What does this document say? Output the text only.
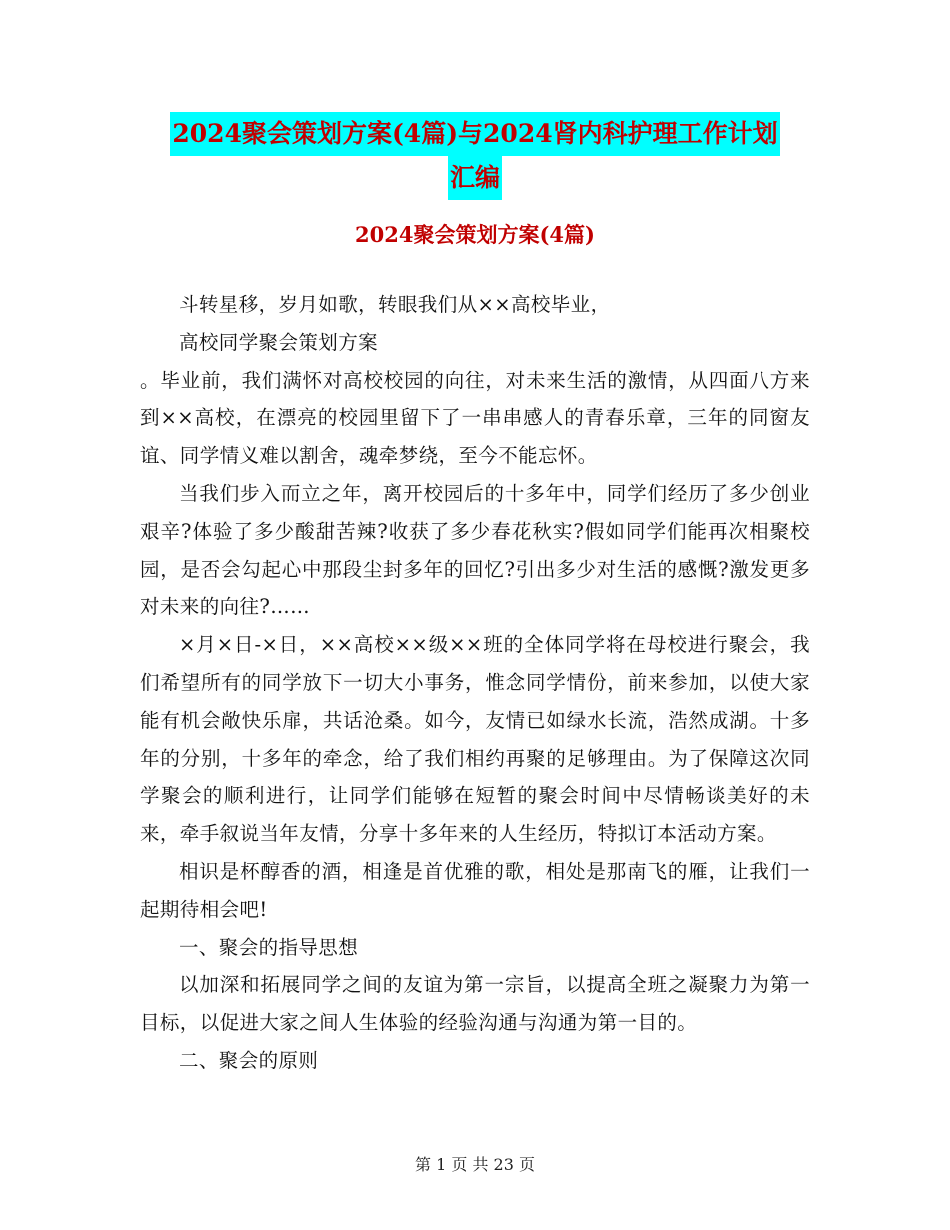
2024聚会策划方案(4篇)与2024肾内科护理工作计划
汇编
2024聚会策划方案(4篇)

斗转星移，岁月如歌，转眼我们从××高校毕业，

高校同学聚会策划方案

。毕业前，我们满怀对高校校园的向往，对未来生活的激情，从四面八方来到××高校，在漂亮的校园里留下了一串串感人的青春乐章，三年的同窗友谊、同学情义难以割舍，魂牵梦绕，至今不能忘怀。

当我们步入而立之年，离开校园后的十多年中，同学们经历了多少创业艰辛?体验了多少酸甜苦辣?收获了多少春花秋实?假如同学们能再次相聚校园，是否会勾起心中那段尘封多年的回忆?引出多少对生活的感慨?激发更多对未来的向往?……

×月×日-×日，××高校××级××班的全体同学将在母校进行聚会，我们希望所有的同学放下一切大小事务，惟念同学情份，前来参加，以使大家能有机会敞快乐扉，共话沧桑。如今，友情已如绿水长流，浩然成湖。十多年的分别，十多年的牵念，给了我们相约再聚的足够理由。为了保障这次同学聚会的顺利进行，让同学们能够在短暂的聚会时间中尽情畅谈美好的未来，牵手叙说当年友情，分享十多年来的人生经历，特拟订本活动方案。

相识是杯醇香的酒，相逢是首优雅的歌，相处是那南飞的雁，让我们一起期待相会吧!

一、聚会的指导思想

以加深和拓展同学之间的友谊为第一宗旨，以提高全班之凝聚力为第一目标，以促进大家之间人生体验的经验沟通与沟通为第一目的。

二、聚会的原则

第 1 页 共 23 页
